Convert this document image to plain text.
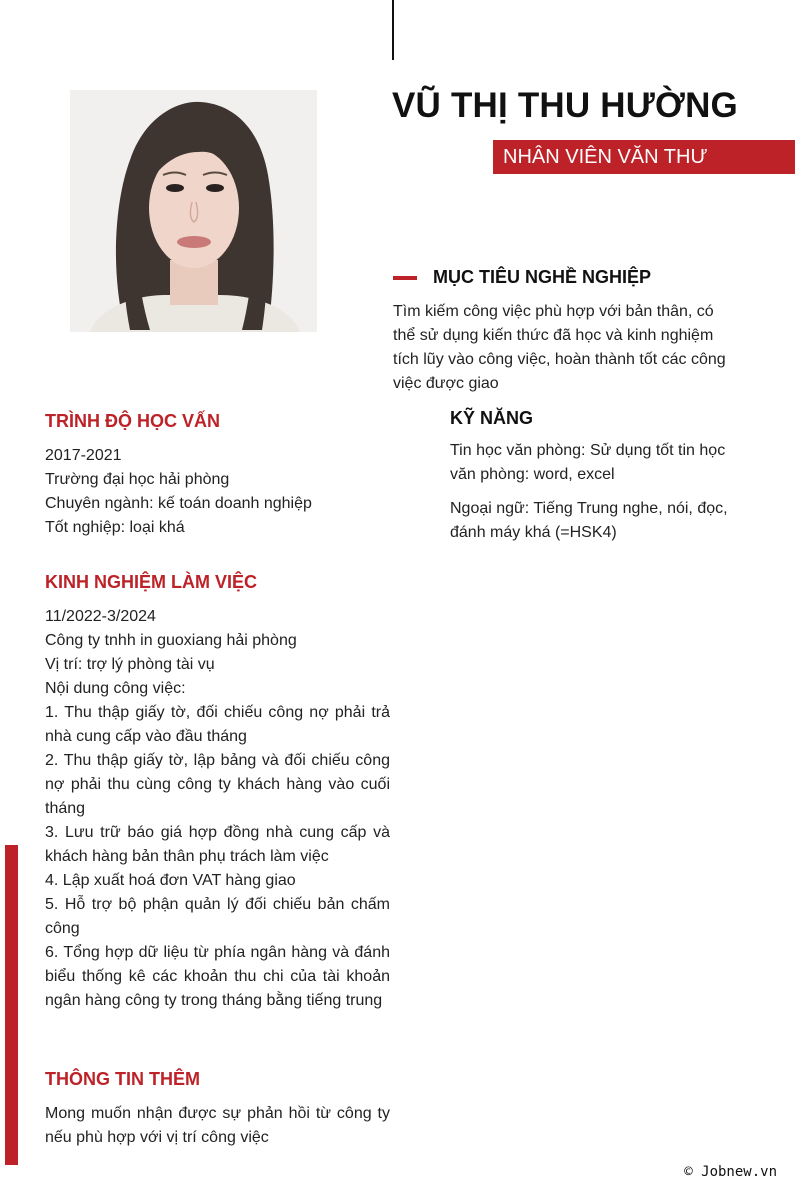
VŨ THỊ THU HƯỜNG
NHÂN VIÊN VĂN THƯ
MỤC TIÊU NGHỀ NGHIỆP
Tìm kiếm công việc phù hợp với bản thân, có thể sử dụng kiến thức đã học và kinh nghiệm tích lũy vào công việc, hoàn thành tốt các công việc được giao
KỸ NĂNG
Tin học văn phòng: Sử dụng tốt tin học văn phòng: word, excel
Ngoại ngữ: Tiếng Trung nghe, nói, đọc, đánh máy khá (=HSK4)
TRÌNH ĐỘ HỌC VẤN
2017-2021
Trường đại học hải phòng
Chuyên ngành: kế toán doanh nghiệp
Tốt nghiệp: loại khá
KINH NGHIỆM LÀM VIỆC
11/2022-3/2024
Công ty tnhh in guoxiang hải phòng
Vị trí: trợ lý phòng tài vụ
Nội dung công việc:
1. Thu thập giấy tờ, đối chiếu công nợ phải trả nhà cung cấp vào đầu tháng
2. Thu thập giấy tờ, lập bảng và đối chiếu công nợ phải thu cùng công ty khách hàng vào cuối tháng
3. Lưu trữ báo giá hợp đồng nhà cung cấp và khách hàng bản thân phụ trách làm việc
4. Lập xuất hoá đơn VAT hàng giao
5. Hỗ trợ bộ phận quản lý đối chiếu bản chấm công
6. Tổng hợp dữ liệu từ phía ngân hàng và đánh biểu thống kê các khoản thu chi của tài khoản ngân hàng công ty trong tháng bằng tiếng trung
THÔNG TIN THÊM
Mong muốn nhận được sự phản hồi từ công ty nếu phù hợp với vị trí công việc
© Jobnew.vn
